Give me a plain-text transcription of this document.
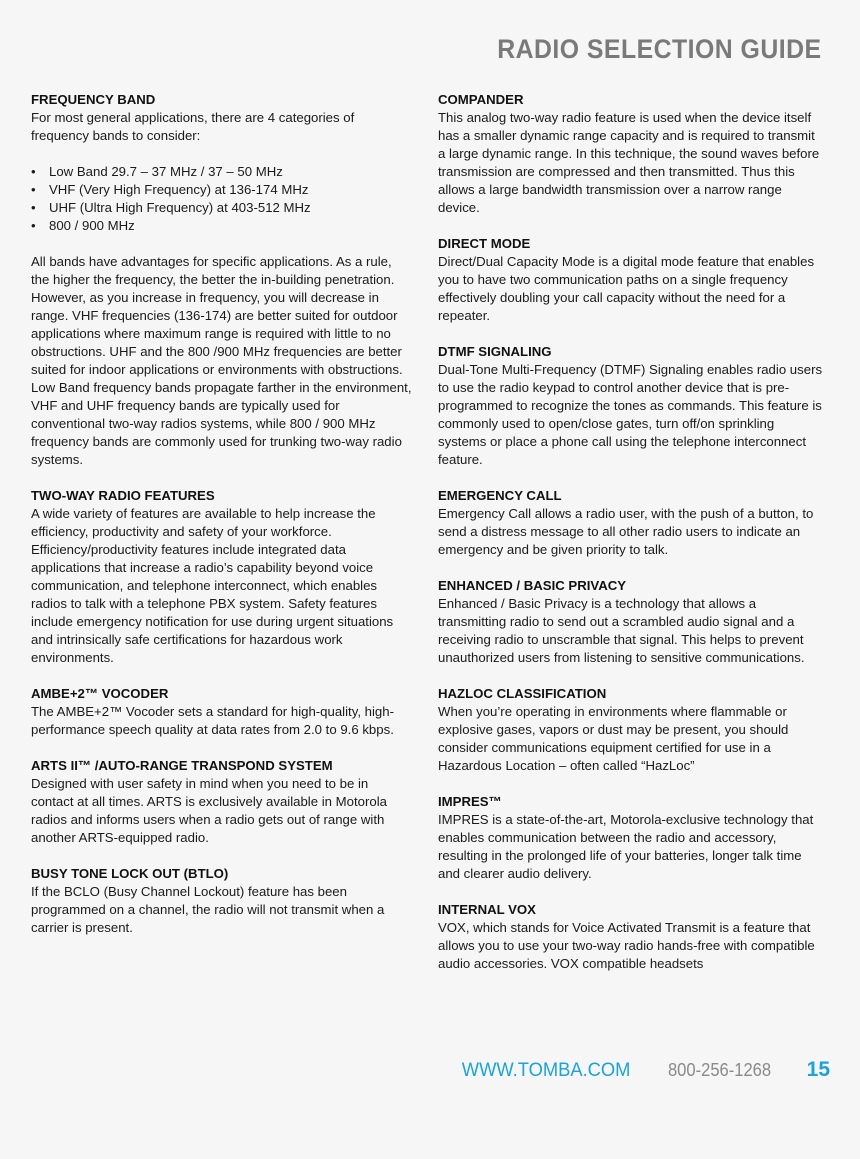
RADIO SELECTION GUIDE
FREQUENCY BAND

For most general applications, there are 4 categories of frequency bands to consider:

• Low Band 29.7 – 37 MHz / 37 – 50 MHz
• VHF (Very High Frequency) at 136-174 MHz
• UHF (Ultra High Frequency) at 403-512 MHz
• 800 / 900 MHz

All bands have advantages for specific applications. As a rule, the higher the frequency, the better the in-building penetration. However, as you increase in frequency, you will decrease in range. VHF frequencies (136-174) are better suited for outdoor applications where maximum range is required with little to no obstructions. UHF and the 800 /900 MHz frequencies are better suited for indoor applications or environments with obstructions. Low Band frequency bands propagate farther in the environment, VHF and UHF frequency bands are typically used for conventional two-way radios systems, while 800 / 900 MHz frequency bands are commonly used for trunking two-way radio systems.

TWO-WAY RADIO FEATURES

A wide variety of features are available to help increase the efficiency, productivity and safety of your workforce. Efficiency/productivity features include integrated data applications that increase a radio’s capability beyond voice communication, and telephone interconnect, which enables radios to talk with a telephone PBX system. Safety features include emergency notification for use during urgent situations and intrinsically safe certifications for hazardous work environments.

AMBE+2™ VOCODER

The AMBE+2™ Vocoder sets a standard for high-quality, high-performance speech quality at data rates from 2.0 to 9.6 kbps.

ARTS II™ /AUTO-RANGE TRANSPOND SYSTEM

Designed with user safety in mind when you need to be in contact at all times. ARTS is exclusively available in Motorola radios and informs users when a radio gets out of range with another ARTS-equipped radio.

BUSY TONE LOCK OUT (BTLO)

If the BCLO (Busy Channel Lockout) feature has been programmed on a channel, the radio will not transmit when a carrier is present.

COMPANDER

This analog two-way radio feature is used when the device itself has a smaller dynamic range capacity and is required to transmit a large dynamic range. In this technique, the sound waves before transmission are compressed and then transmitted. Thus this allows a large bandwidth transmission over a narrow range device.

DIRECT MODE

Direct/Dual Capacity Mode is a digital mode feature that enables you to have two communication paths on a single frequency effectively doubling your call capacity without the need for a repeater.

DTMF SIGNALING

Dual-Tone Multi-Frequency (DTMF) Signaling enables radio users to use the radio keypad to control another device that is pre-programmed to recognize the tones as commands. This feature is commonly used to open/close gates, turn off/on sprinkling systems or place a phone call using the telephone interconnect feature.

EMERGENCY CALL

Emergency Call allows a radio user, with the push of a button, to send a distress message to all other radio users to indicate an emergency and be given priority to talk.

ENHANCED / BASIC PRIVACY

Enhanced / Basic Privacy is a technology that allows a transmitting radio to send out a scrambled audio signal and a receiving radio to unscramble that signal. This helps to prevent unauthorized users from listening to sensitive communications.

HAZLOC CLASSIFICATION

When you’re operating in environments where flammable or explosive gases, vapors or dust may be present, you should consider communications equipment certified for use in a Hazardous Location – often called “HazLoc”

IMPRES™

IMPRES is a state-of-the-art, Motorola-exclusive technology that enables communication between the radio and accessory, resulting in the prolonged life of your batteries, longer talk time and clearer audio delivery.

INTERNAL VOX

VOX, which stands for Voice Activated Transmit is a feature that allows you to use your two-way radio hands-free with compatible audio accessories. VOX compatible headsets

WWW.TOMBA.COM 800-256-1268 15
